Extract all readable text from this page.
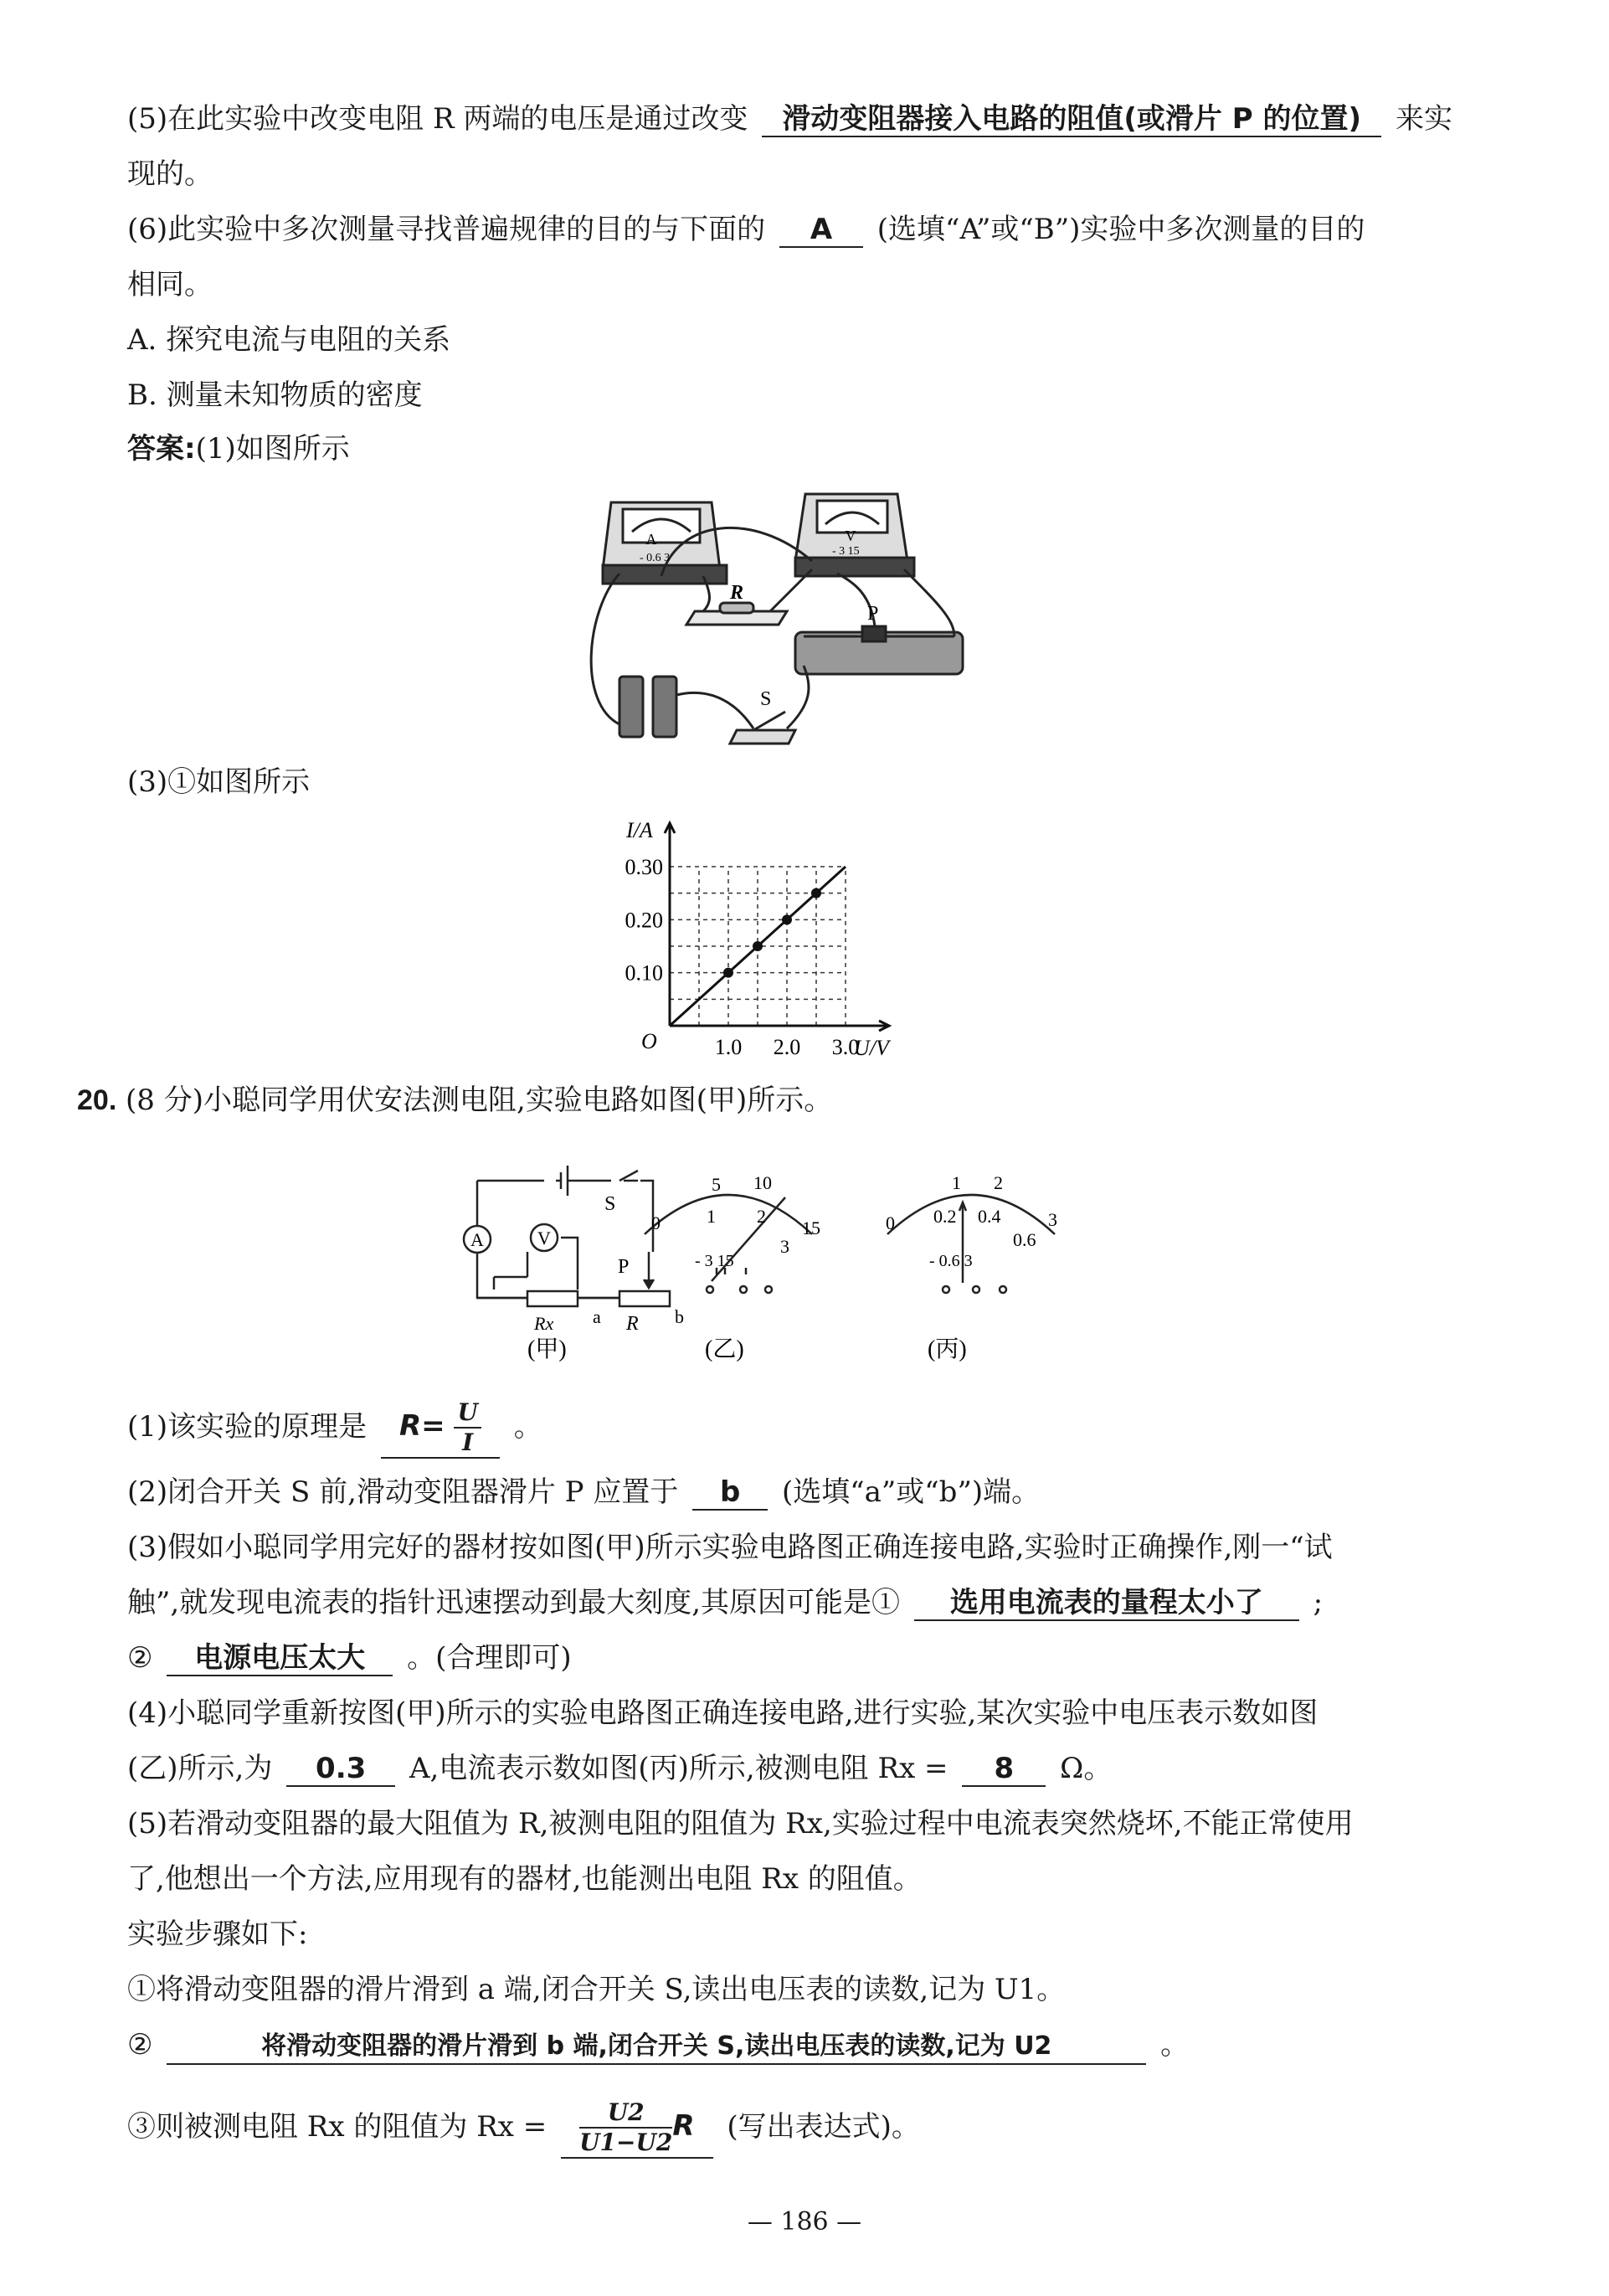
(5)在此实验中改变电阻 R 两端的电压是通过改变 滑动变阻器接入电路的阻值(或滑片 P 的位置) 来实
现的。
(6)此实验中多次测量寻找普遍规律的目的与下面的 A (选填“A”或“B”)实验中多次测量的目的
相同。
A. 探究电流与电阻的关系
B. 测量未知物质的密度
答案:(1)如图所示
A
- 0.6 3
V
- 3 15
R
P
S
(3)①如图所示
1.0 2.0 3.0
0.10
0.20
0.30
I/A
U/V
O
20. (8 分)小聪同学用伏安法测电阻,实验电路如图(甲)所示。
A	V
S
P
Rx a R b
5 10
0	1 2
15
3
- 3 15
1 2
0 0.2 0.4	3
0.6
- 0.6 3
(甲)	(乙)	(丙)
(1)该实验的原理是 $R= \frac{U}{I}$ 。
(2)闭合开关 S 前,滑动变阻器滑片 P 应置于 b (选填“a”或“b”)端。
(3)假如小聪同学用完好的器材按如图(甲)所示实验电路图正确连接电路,实验时正确操作,刚一“试
触”,就发现电流表的指针迅速摆动到最大刻度,其原因可能是① 选用电流表的量程太小了 ;
② 电源电压太大 。(合理即可)
(4)小聪同学重新按图(甲)所示的实验电路图正确连接电路,进行实验,某次实验中电压表示数如图
(乙)所示,为 0.3 A,电流表示数如图(丙)所示,被测电阻 Rx = 8 Ω。
(5)若滑动变阻器的最大阻值为 R,被测电阻的阻值为 Rx,实验过程中电流表突然烧坏,不能正常使用
了,他想出一个方法,应用现有的器材,也能测出电阻 Rx 的阻值。
实验步骤如下:
①将滑动变阻器的滑片滑到 a 端,闭合开关 S,读出电压表的读数,记为 U1。
②	将滑动变阻器的滑片滑到 b 端,闭合开关 S,读出电压表的读数,记为 U2	。
③则被测电阻 Rx 的阻值为 $Rx = \frac{U2}{U1-U2}$ R (写出表达式)。
— 186 —
